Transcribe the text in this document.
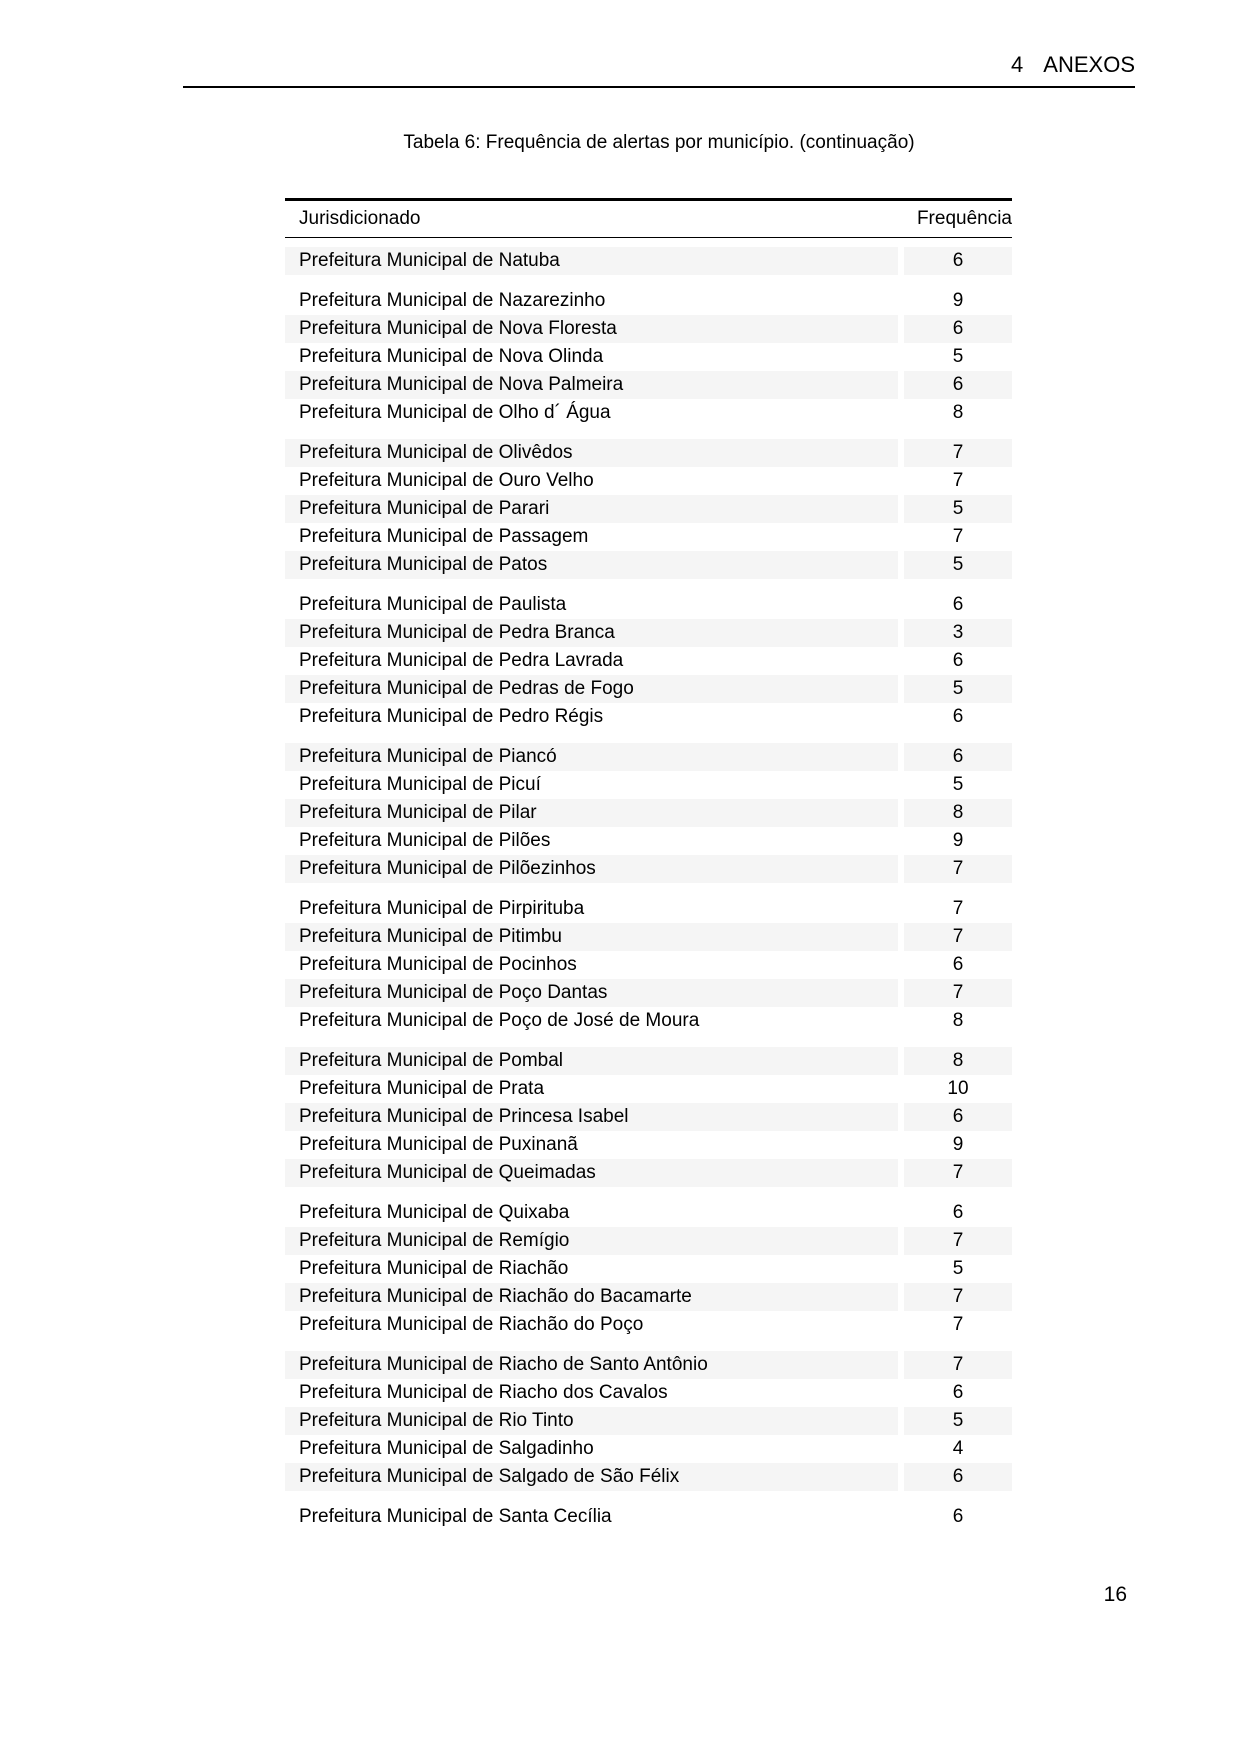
4 ANEXOS
Tabela 6: Frequência de alertas por município. (continuação)
Jurisdicionado	Frequência
Prefeitura Municipal de Natuba	6
Prefeitura Municipal de Nazarezinho	9
Prefeitura Municipal de Nova Floresta	6
Prefeitura Municipal de Nova Olinda	5
Prefeitura Municipal de Nova Palmeira	6
Prefeitura Municipal de Olho d´ Água	8
Prefeitura Municipal de Olivêdos	7
Prefeitura Municipal de Ouro Velho	7
Prefeitura Municipal de Parari	5
Prefeitura Municipal de Passagem	7
Prefeitura Municipal de Patos	5
Prefeitura Municipal de Paulista	6
Prefeitura Municipal de Pedra Branca	3
Prefeitura Municipal de Pedra Lavrada	6
Prefeitura Municipal de Pedras de Fogo	5
Prefeitura Municipal de Pedro Régis	6
Prefeitura Municipal de Piancó	6
Prefeitura Municipal de Picuí	5
Prefeitura Municipal de Pilar	8
Prefeitura Municipal de Pilões	9
Prefeitura Municipal de Pilõezinhos	7
Prefeitura Municipal de Pirpirituba	7
Prefeitura Municipal de Pitimbu	7
Prefeitura Municipal de Pocinhos	6
Prefeitura Municipal de Poço Dantas	7
Prefeitura Municipal de Poço de José de Moura	8
Prefeitura Municipal de Pombal	8
Prefeitura Municipal de Prata	10
Prefeitura Municipal de Princesa Isabel	6
Prefeitura Municipal de Puxinanã	9
Prefeitura Municipal de Queimadas	7
Prefeitura Municipal de Quixaba	6
Prefeitura Municipal de Remígio	7
Prefeitura Municipal de Riachão	5
Prefeitura Municipal de Riachão do Bacamarte	7
Prefeitura Municipal de Riachão do Poço	7
Prefeitura Municipal de Riacho de Santo Antônio	7
Prefeitura Municipal de Riacho dos Cavalos	6
Prefeitura Municipal de Rio Tinto	5
Prefeitura Municipal de Salgadinho	4
Prefeitura Municipal de Salgado de São Félix	6
Prefeitura Municipal de Santa Cecília	6
16
